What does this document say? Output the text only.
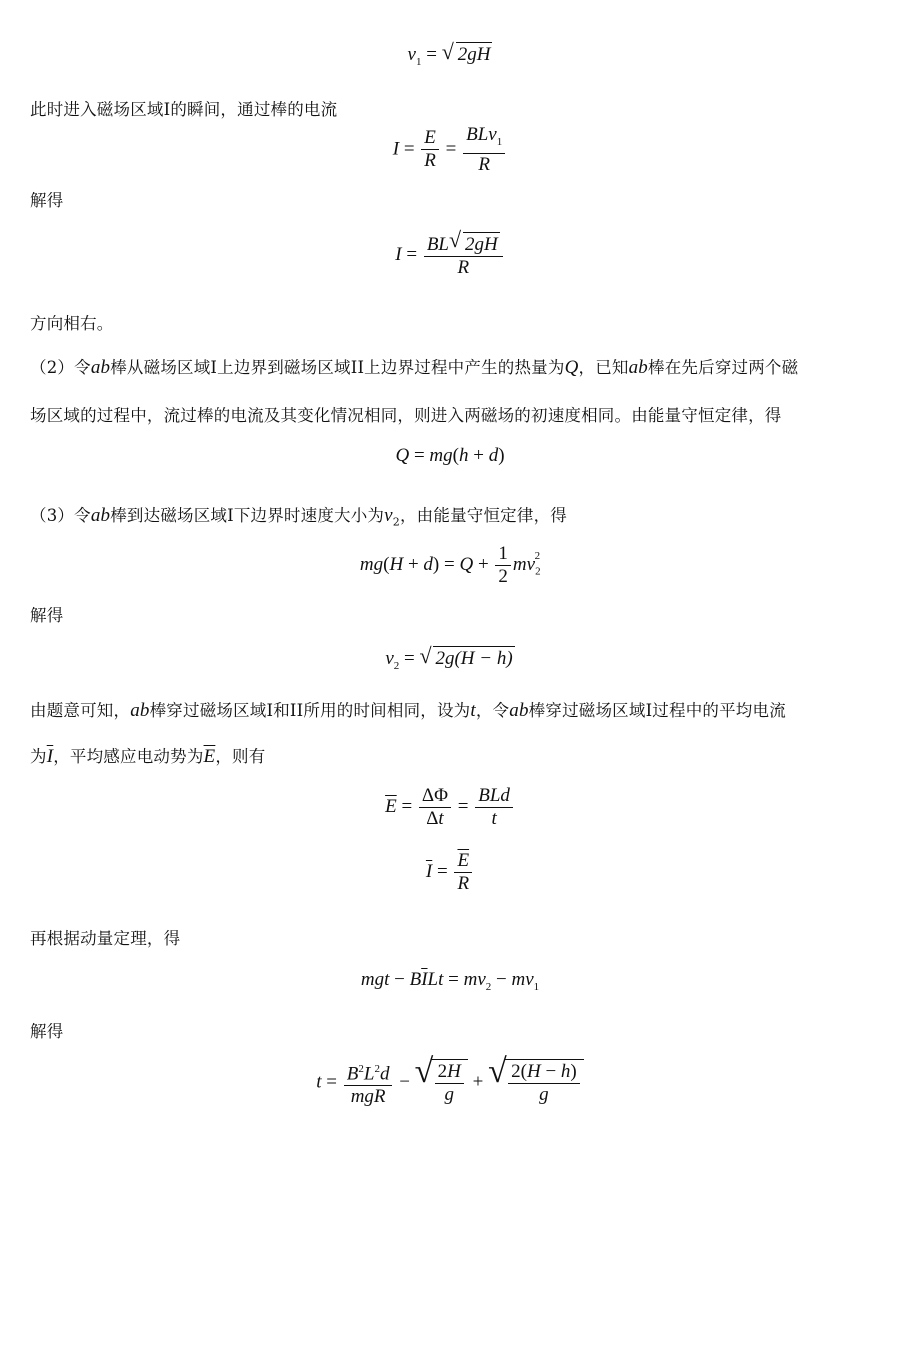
$v_1$ = √ 2gH
此时进入磁场区域I的瞬间，通过棒的电流
$I = \frac{E}{R} = \frac{BLv_1}{R}$
解得
$I = \frac{BL √ 2gH}{R}$
方向相右。
（2）令ab棒从磁场区域I上边界到磁场区域II上边界过程中产生的热量为Q，已知ab棒在先后穿过两个磁
场区域的过程中，流过棒的电流及其变化情况相同，则进入两磁场的初速度相同。由能量守恒定律，得
Q = mg(h + d)
（3）令ab棒到达磁场区域I下边界时速度大小为$v_2$，由能量守恒定律，得
$mg(H + d) = Q + \frac{1}{2} mv_2^2$
解得
$v_2$ = √ 2g(H − h)
由题意可知，ab棒穿过磁场区域I和II所用的时间相同，设为t，令ab棒穿过磁场区域I过程中的平均电流
为$\overline{I}$，平均感应电动势为$\overline{E}$，则有
$\overline{E} = \frac{\Delta\Phi}{\Delta t} = \frac{\text{BLd}}{t}$
$\overline{I} = \frac{\overline{E}}{R}$
再根据动量定理，得
mgt − $B\overline{I}Lt = mv_2 - mv_1$
解得
$t = \frac{B^2L^2d}{\text{mgR}}$ − √ $\frac{2H}{g}$ + √ $\frac{2(H - h)}{g}$
